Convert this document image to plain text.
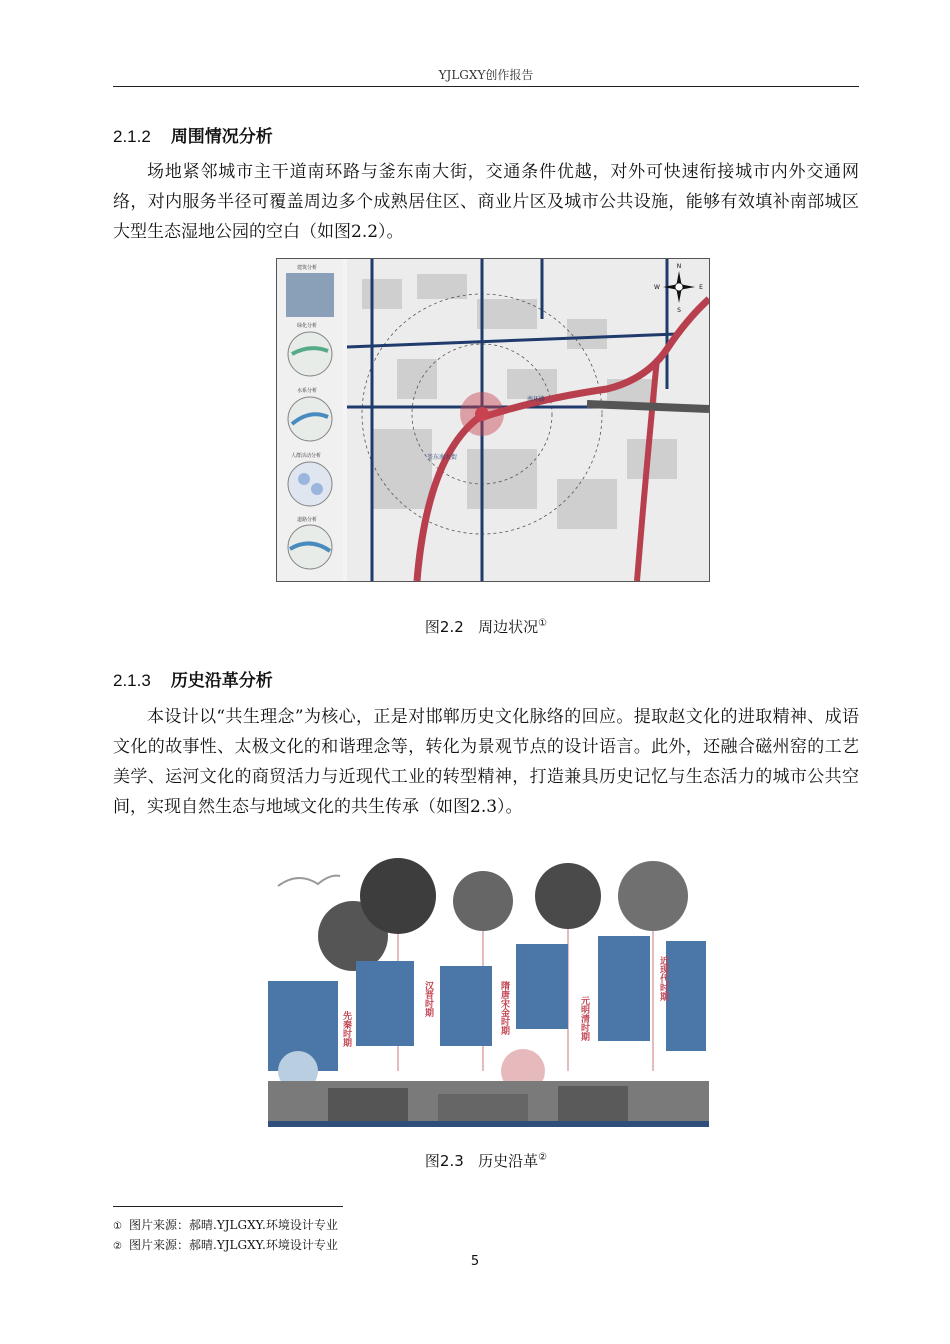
YJLGXY创作报告
2.1.2 周围情况分析
场地紧邻城市主干道南环路与釜东南大街，交通条件优越，对外可快速衔接城市内外交通网络，对内服务半径可覆盖周边多个成熟居住区、商业片区及城市公共设施，能够有效填补南部城区大型生态湿地公园的空白（如图2.2）。
建筑分析
绿化分析
水系分析
人群活动分析
道路分析
南环路
釜东南大街
N
S
E
W
图2.2 周边状况①
2.1.3 历史沿革分析
本设计以“共生理念”为核心，正是对邯郸历史文化脉络的回应。提取赵文化的进取精神、成语文化的故事性、太极文化的和谐理念等，转化为景观节点的设计语言。此外，还融合磁州窑的工艺美学、运河文化的商贸活力与近现代工业的转型精神，打造兼具历史记忆与生态活力的城市公共空间，实现自然生态与地域文化的共生传承（如图2.3）。
先秦时期
汉晋时期	隋唐宋金时期	元明清时期
近现代时期
图2.3 历史沿革②
① 图片来源：郝晴.YJLGXY.环境设计专业
② 图片来源：郝晴.YJLGXY.环境设计专业
5
